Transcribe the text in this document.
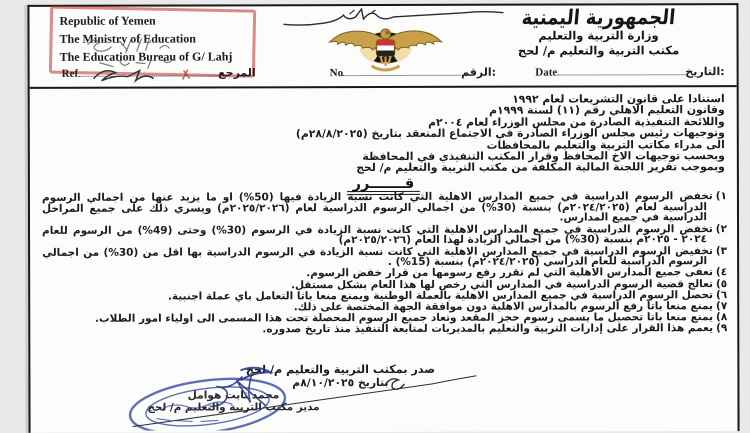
Republic of Yemen
The Ministry of Education
The Education Bureau of G/ Lahj
الجمهورية اليمنية
وزارة التربية والتعليم
مكتب التربية والتعليم م/ لحج
Ref	المرجع	No	الرقم:	Date	التاريخ:
استنادا على قانون التشريعات لعام ١٩٩٢
وقانون التعليم الاهلي رقم (١١) لسنة ١٩٩٩م
واللائحة التنفيذية الصادرة من مجلس الوزراء لعام ٢٠٠٤م
وتوجيهات رئيس مجلس الوزراء الصادرة في الاجتماع المنعقد بتاريخ (٢٨/٨/٢٠٢٥م)
الى مدراء مكاتب التربية والتعليم بالمحافظات
وبحسب توجيهات الاخ المحافظ وقرار المكتب التنفيذي في المحافظة
وبموجب تقرير اللجنة المالية المكلفة من مكتب التربية والتعليم م/ لحج
قـــــــرر
١)تخفض الرسوم الدراسية في جميع المدارس الاهلية التي كانت نسبة الزيادة فيها (50%) او ما يزيد عنها من اجمالي الرسوم الدراسية لعام (٢٠٢٤/٢٠٢٥م) بنسبة (30%) من اجمالي الرسوم الدراسية لعام (٢٠٢٥/٢٠٢٦م) ويسري ذلك على جميع المراحل الدراسية في جميع المدارس.
٢)تخفض الرسوم الدراسية في جميع المدارس الاهلية التي كانت نسبة الزيادة في الرسوم (30%) وحتى (49%) من الرسوم للعام ٢٠٢٤ - ٢٠٢٥م بنسبة (30%) من اجمالي الزيادة لهذا العام (٢٠٢٥/٢٠٢٦م)
٣)تخفيض الرسوم الدراسية في جميع المدارس الاهلية التي كانت نسبة الزيادة في الرسوم الدراسية بها اقل من (30%) من اجمالي الرسوم الدراسية للعام الدراسي (٢٠٢٤/٢٠٢٥م) بنسبة (15%) .
٤)تعفى جميع المدارس الاهلية التي لم تقرر رفع رسومها من قرار خفض الرسوم.
٥)تعالج قضية الرسوم الدراسية في المدارس التي رخص لها هذا العام بشكل مستقل.
٦)تحصل الرسوم الدراسية في جميع المدارس الاهلية بالعملة الوطنية ويمنع منعا باتا التعامل باي عملة اجنبية.
٧)يمنع منعا باتا رفع الرسوم بالمدارس الاهلية دون موافقة الجهة المختصة على ذلك.
٨)يمنع منعا باتا تحصيل ما يسمى رسوم حجز المقعد وتعاد جميع الرسوم المحصلة تحت هذا المسمى الى اولياء امور الطلاب.
٩)يعمم هذا القرار على إدارات التربية والتعليم بالمديريات لمتابعة التنفيذ منذ تاريخ صدوره.
صدر بمكتب التربية والتعليم م/ لحج
بتاريخ ٨/١٠/٢٠٢٥م
محمد ثابت هوامل
مدير مكتب التربية والتعليم م/ لحج
